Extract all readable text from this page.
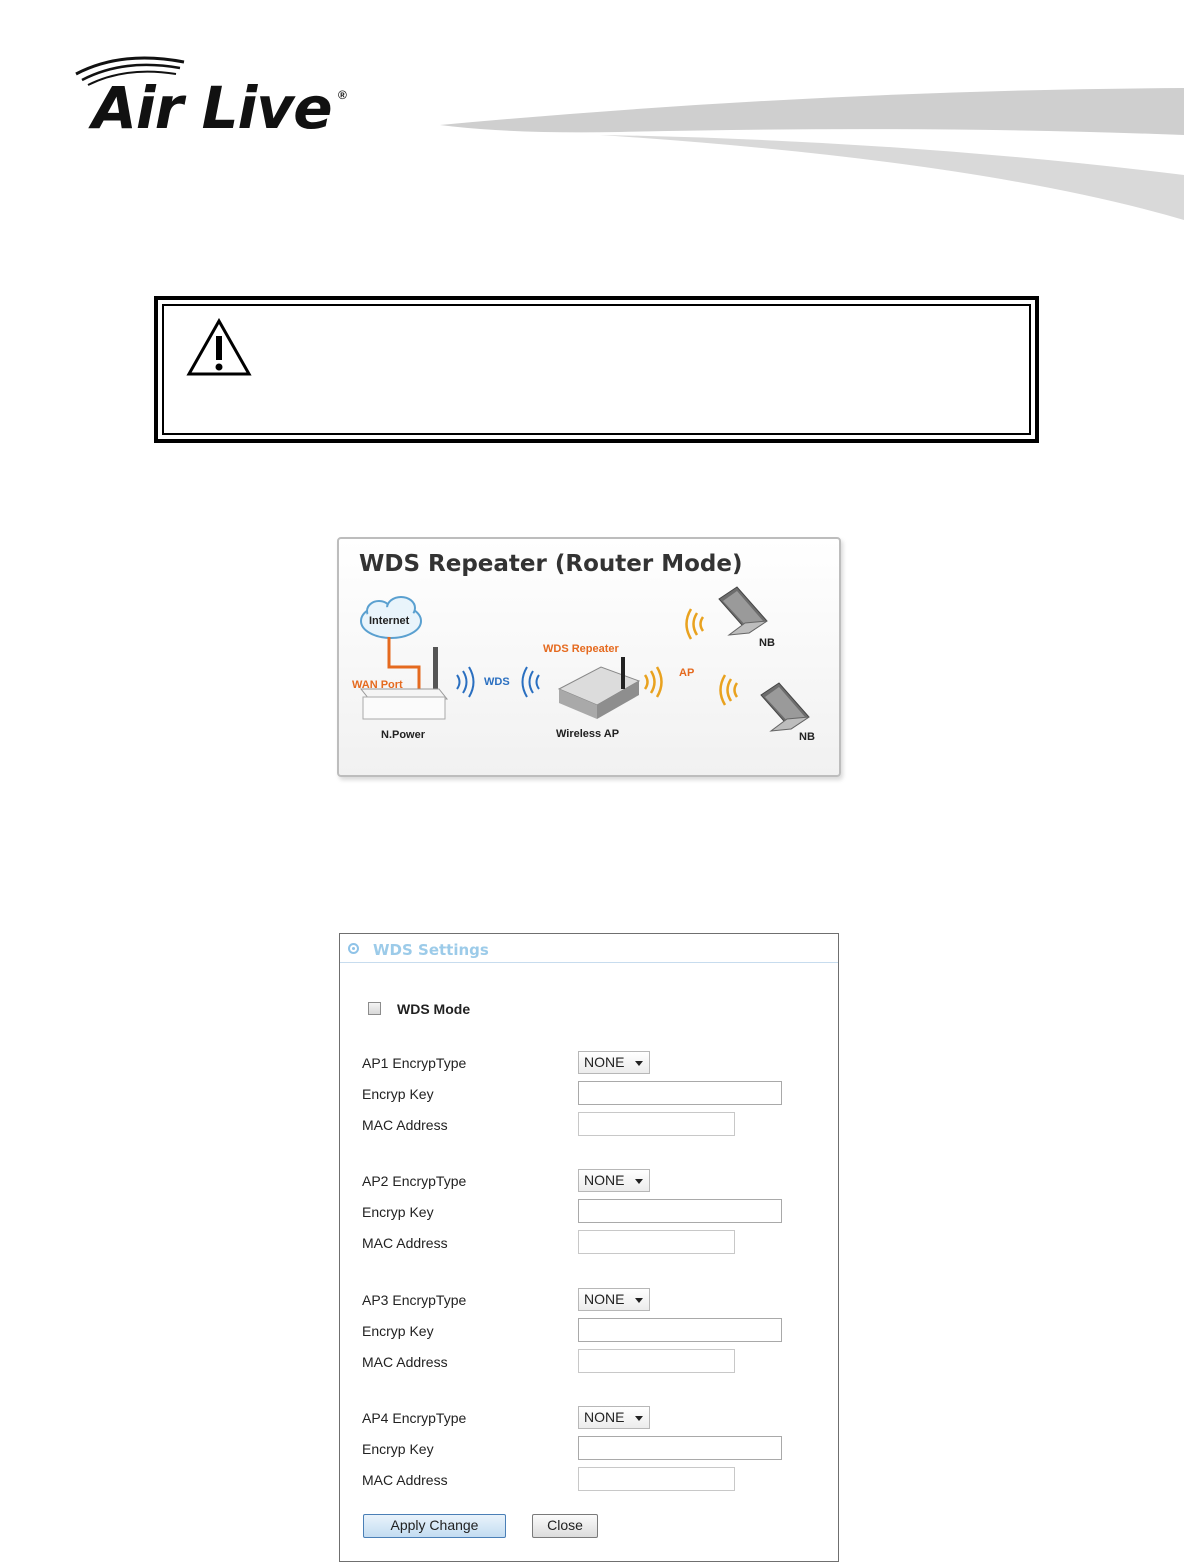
Air Live ®
WDS Repeater (Router Mode)
Internet
WAN Port
N.Power
WDS
WDS Repeater
Wireless AP
AP
NB
NB
WDS Settings
WDS Mode
AP1 EncrypType	NONE
Encryp Key
MAC Address
AP2 EncrypType	NONE
Encryp Key
MAC Address
AP3 EncrypType	NONE
Encryp Key
MAC Address
AP4 EncrypType	NONE
Encryp Key
MAC Address
Apply Change	Close
